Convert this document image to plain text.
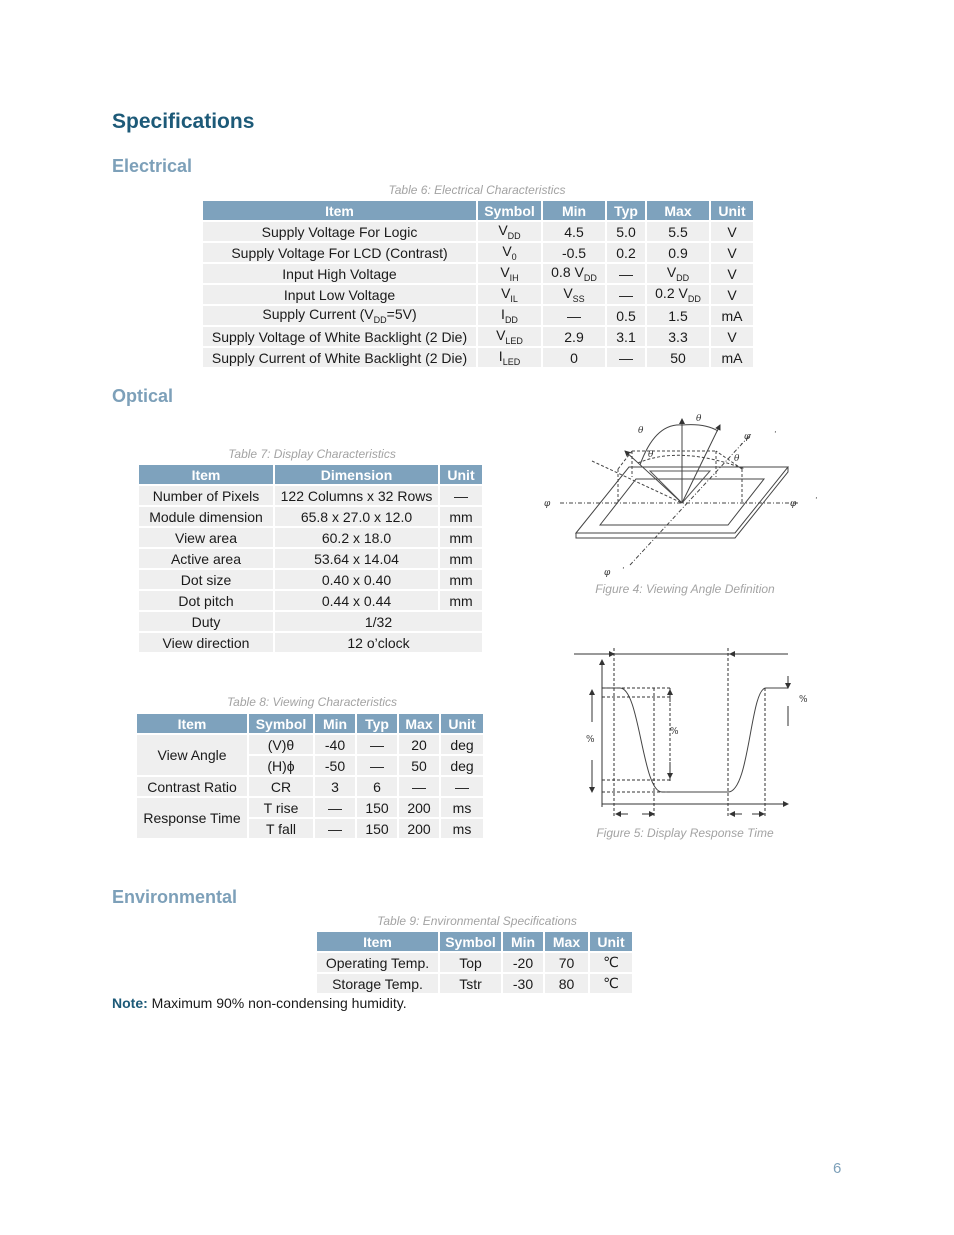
Specifications
Electrical
Table 6: Electrical Characteristics
Item	Symbol	Min	Typ	Max	Unit
Supply Voltage For Logic	$V_{DD}$	4.5	5.0	5.5	V
Supply Voltage For LCD (Contrast)	$V_0$	-0.5	0.2	0.9	V
Input High Voltage	$V_{IH}$	0.8 $V_{DD}$	—	$V_{DD}$	V
Input Low Voltage	$V_{IL}$	$V_{SS}$	—	0.2 $V_{DD}$	V
Supply Current $(V_{DD}=5V)$	$I_{DD}$	—	0.5	1.5	mA
Supply Voltage of White Backlight (2 Die)	$V_{LED}$	2.9	3.1	3.3	V
Supply Current of White Backlight (2 Die)	$I_{LED}$	0	—	50	mA
Optical
Table 7: Display Characteristics
Item	Dimension	Unit
Number of Pixels	122 Columns x 32 Rows	—
Module dimension	65.8 x 27.0 x 12.0	mm
View area	60.2 x 18.0	mm
Active area	53.64 x 14.04	mm
Dot size	0.40 x 0.40	mm
Dot pitch	0.44 x 0.44	mm
Duty	1/32	
View direction	12 o’clock	
Table 8: Viewing Characteristics
Item	Symbol	Min	Typ	Max	Unit
View Angle	(V)θ	-40	—	20	deg
	(H)ϕ	-50	—	50	deg
Contrast Ratio	CR	3	6	—	—
Response Time	T rise	—	150	200	ms
	T fall	—	150	200	ms
θ
θ
θ	θ
φ
φ	φ
φ
·
·
·
·
Figure 4: Viewing Angle Definition
%
%
%
Figure 5: Display Response Time
Environmental
Table 9: Environmental Specifications
Item	Symbol	Min	Max	Unit
Operating Temp.	Top	-20	70	℃
Storage Temp.	Tstr	-30	80	℃
Note: Maximum 90% non-condensing humidity.
6
